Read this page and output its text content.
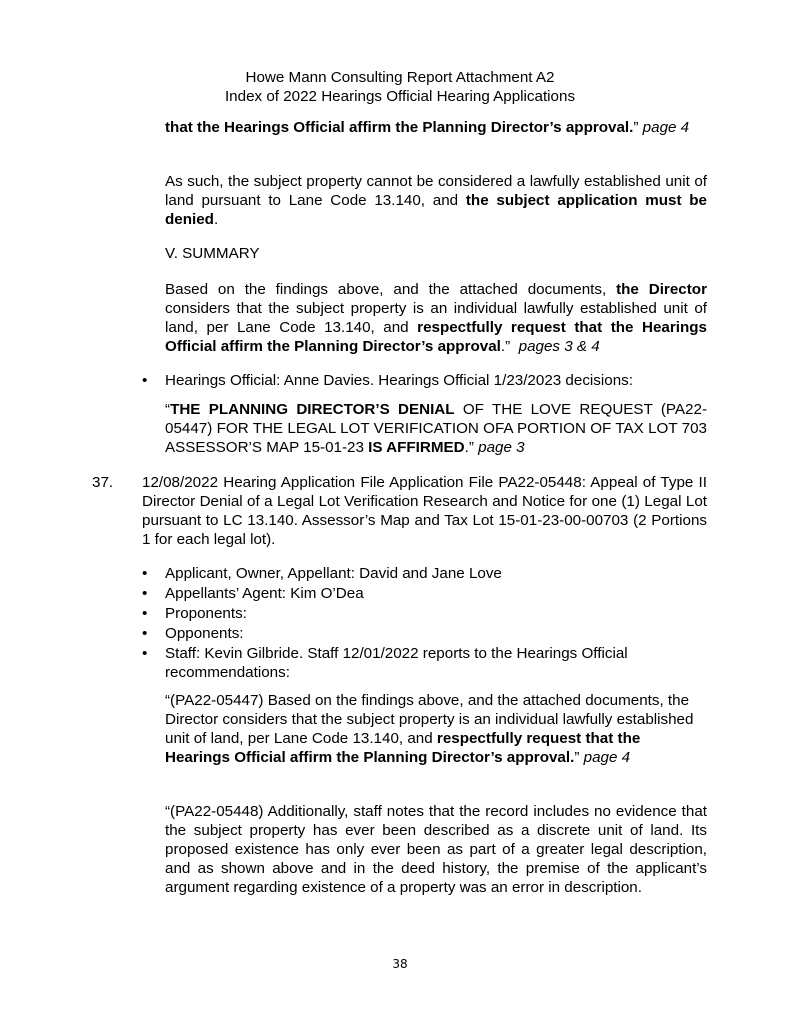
Howe Mann Consulting Report Attachment A2
Index of 2022 Hearings Official Hearing Applications
that the Hearings Official affirm the Planning Director’s approval.” page 4
As such, the subject property cannot be considered a lawfully established unit of land pursuant to Lane Code 13.140, and the subject application must be denied.
V. SUMMARY
Based on the findings above, and the attached documents, the Director considers that the subject property is an individual lawfully established unit of land, per Lane Code 13.140, and respectfully request that the Hearings Official affirm the Planning Director’s approval.” pages 3 & 4
• Hearings Official: Anne Davies. Hearings Official 1/23/2023 decisions:
“THE PLANNING DIRECTOR’S DENIAL OF THE LOVE REQUEST (PA22-05447) FOR THE LEGAL LOT VERIFICATION OFA PORTION OF TAX LOT 703 ASSESSOR’S MAP 15-01-23 IS AFFIRMED.” page 3
37. 12/08/2022 Hearing Application File Application File PA22-05448: Appeal of Type II Director Denial of a Legal Lot Verification Research and Notice for one (1) Legal Lot pursuant to LC 13.140. Assessor’s Map and Tax Lot 15-01-23-00-00703 (2 Portions 1 for each legal lot).
• Applicant, Owner, Appellant: David and Jane Love
• Appellants’ Agent: Kim O’Dea
• Proponents:
• Opponents:
• Staff: Kevin Gilbride. Staff 12/01/2022 reports to the Hearings Official recommendations:
“(PA22-05447) Based on the findings above, and the attached documents, the Director considers that the subject property is an individual lawfully established unit of land, per Lane Code 13.140, and respectfully request that the Hearings Official affirm the Planning Director’s approval.” page 4
“(PA22-05448) Additionally, staff notes that the record includes no evidence that the subject property has ever been described as a discrete unit of land. Its proposed existence has only ever been as part of a greater legal description, and as shown above and in the deed history, the premise of the applicant’s argument regarding existence of a property was an error in description.
38
